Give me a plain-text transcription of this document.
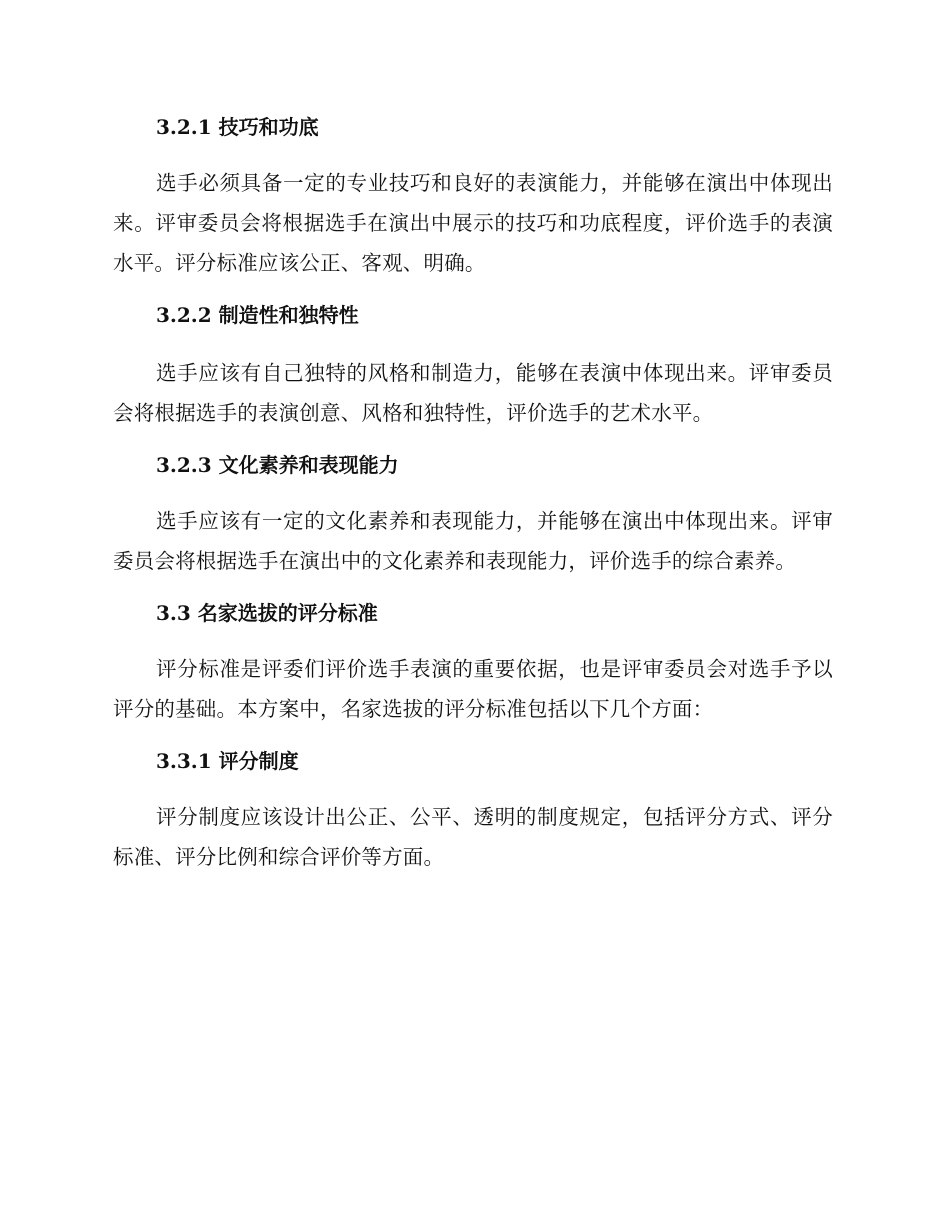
3.2.1 技巧和功底

选手必须具备一定的专业技巧和良好的表演能力，并能够在演出中体现出来。评审委员会将根据选手在演出中展示的技巧和功底程度，评价选手的表演水平。评分标准应该公正、客观、明确。

3.2.2 制造性和独特性

选手应该有自己独特的风格和制造力，能够在表演中体现出来。评审委员会将根据选手的表演创意、风格和独特性，评价选手的艺术水平。

3.2.3 文化素养和表现能力

选手应该有一定的文化素养和表现能力，并能够在演出中体现出来。评审委员会将根据选手在演出中的文化素养和表现能力，评价选手的综合素养。

3.3 名家选拔的评分标准

评分标准是评委们评价选手表演的重要依据，也是评审委员会对选手予以评分的基础。本方案中，名家选拔的评分标准包括以下几个方面：

3.3.1 评分制度

评分制度应该设计出公正、公平、透明的制度规定，包括评分方式、评分标准、评分比例和综合评价等方面。
